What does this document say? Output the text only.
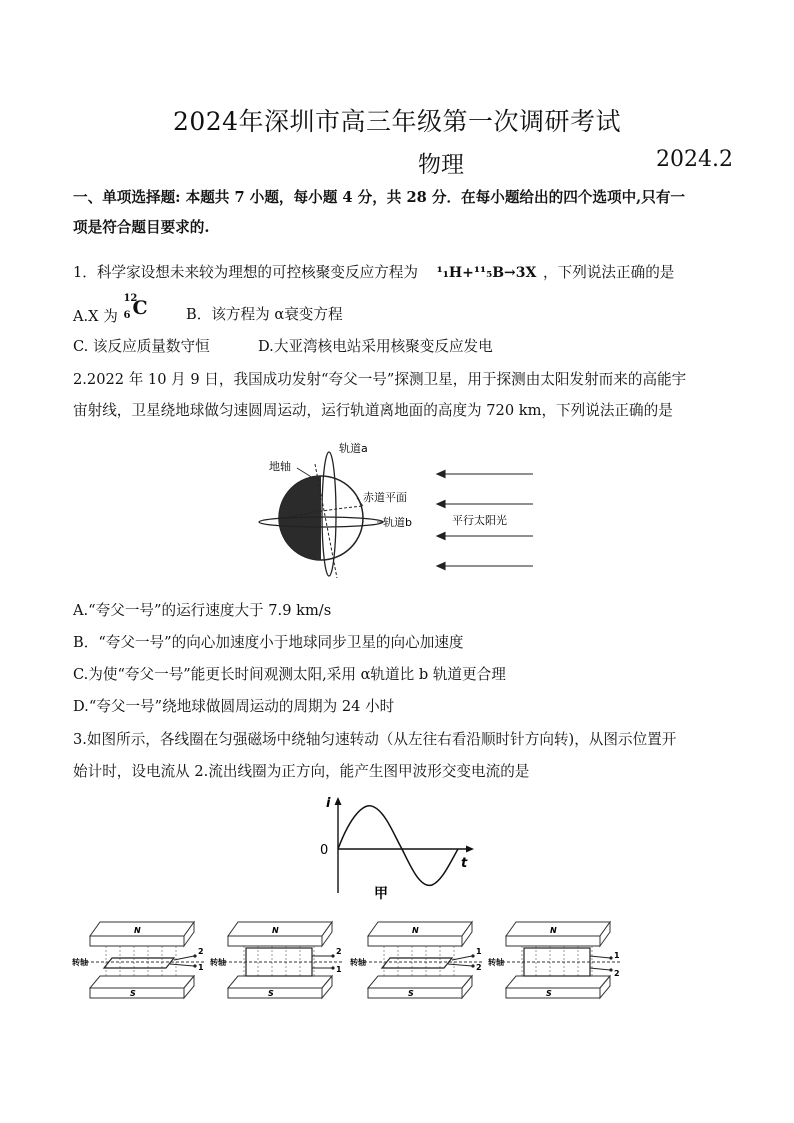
2024年深圳市高三年级第一次调研考试
物理	2024.2
一、单项选择题: 本题共 7 小题，每小题 4 分，共 28 分．在每小题给出的四个选项中,只有一
项是符合题目要求的.
1．科学家设想未来较为理想的可控核聚变反应方程为 ¹₁H+¹¹₅B→3X ，下列说法正确的是
A.X 为
12
6 C	B．该方程为 α衰变方程
C. 该反应质量数守恒	D.大亚湾核电站采用核聚变反应发电
2.2022 年 10 月 9 日，我国成功发射“夸父一号”探测卫星，用于探测由太阳发射而来的高能宇
宙射线，卫星绕地球做匀速圆周运动，运行轨道离地面的高度为 720 km，下列说法正确的是
地轴
轨道a
赤道平面
轨道b	平行太阳光
A.“夸父一号”的运行速度大于 7.9 km/s
B．“夸父一号”的向心加速度小于地球同步卫星的向心加速度
C.为使“夸父一号”能更长时间观测太阳,采用 α轨道比 b 轨道更合理
D.“夸父一号”绕地球做圆周运动的周期为 24 小时
3.如图所示，各线圈在匀强磁场中绕轴匀速转动（从左往右看沿顺时针方向转)，从图示位置开
始计时，设电流从 2.流出线圈为正方向，能产生图甲波形交变电流的是
i
0
t
甲
N
S
转轴
2
1
N
S
转轴
2
1
N
S
转轴
1
2
N
S
转轴
1
2
